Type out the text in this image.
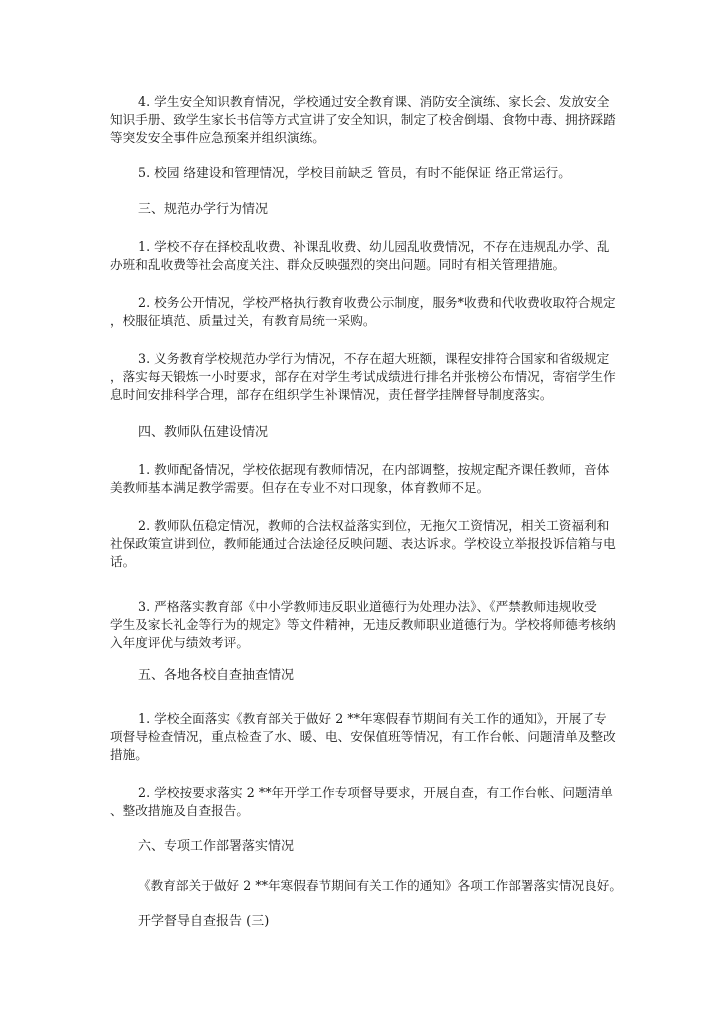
4. 学生安全知识教育情况，学校通过安全教育课、消防安全演练、家长会、发放安全
知识手册、致学生家长书信等方式宣讲了安全知识，制定了校舍倒塌、食物中毒、拥挤踩踏
等突发安全事件应急预案并组织演练。
5. 校园 络建设和管理情况，学校目前缺乏 管员，有时不能保证 络正常运行。
三、规范办学行为情况
1. 学校不存在择校乱收费、补课乱收费、幼儿园乱收费情况，不存在违规乱办学、乱
办班和乱收费等社会高度关注、群众反映强烈的突出问题。同时有相关管理措施。
2. 校务公开情况，学校严格执行教育收费公示制度，服务*收费和代收费收取符合规定
，校服征填范、质量过关，有教育局统一采购。
3. 义务教育学校规范办学行为情况，不存在超大班额，课程安排符合国家和省级规定
，落实每天锻炼一小时要求，部存在对学生考试成绩进行排名并张榜公布情况，寄宿学生作
息时间安排科学合理，部存在组织学生补课情况，责任督学挂牌督导制度落实。
四、教师队伍建设情况
1. 教师配备情况，学校依据现有教师情况，在内部调整，按规定配齐课任教师，音体
美教师基本满足教学需要。但存在专业不对口现象，体育教师不足。
2. 教师队伍稳定情况，教师的合法权益落实到位，无拖欠工资情况，相关工资福利和
社保政策宣讲到位，教师能通过合法途径反映问题、表达诉求。学校设立举报投诉信箱与电
话。
3. 严格落实教育部《中小学教师违反职业道德行为处理办法》、《严禁教师违规收受
学生及家长礼金等行为的规定》等文件精神，无违反教师职业道德行为。学校将师德考核纳
入年度评优与绩效考评。
五、各地各校自查抽查情况
1. 学校全面落实《教育部关于做好 2 **年寒假春节期间有关工作的通知》，开展了专
项督导检查情况，重点检查了水、暖、电、安保值班等情况，有工作台帐、问题清单及整改
措施。
2. 学校按要求落实 2 **年开学工作专项督导要求，开展自查，有工作台帐、问题清单
、整改措施及自查报告。
六、专项工作部署落实情况
《教育部关于做好 2 **年寒假春节期间有关工作的通知》各项工作部署落实情况良好。
开学督导自查报告 (三)
